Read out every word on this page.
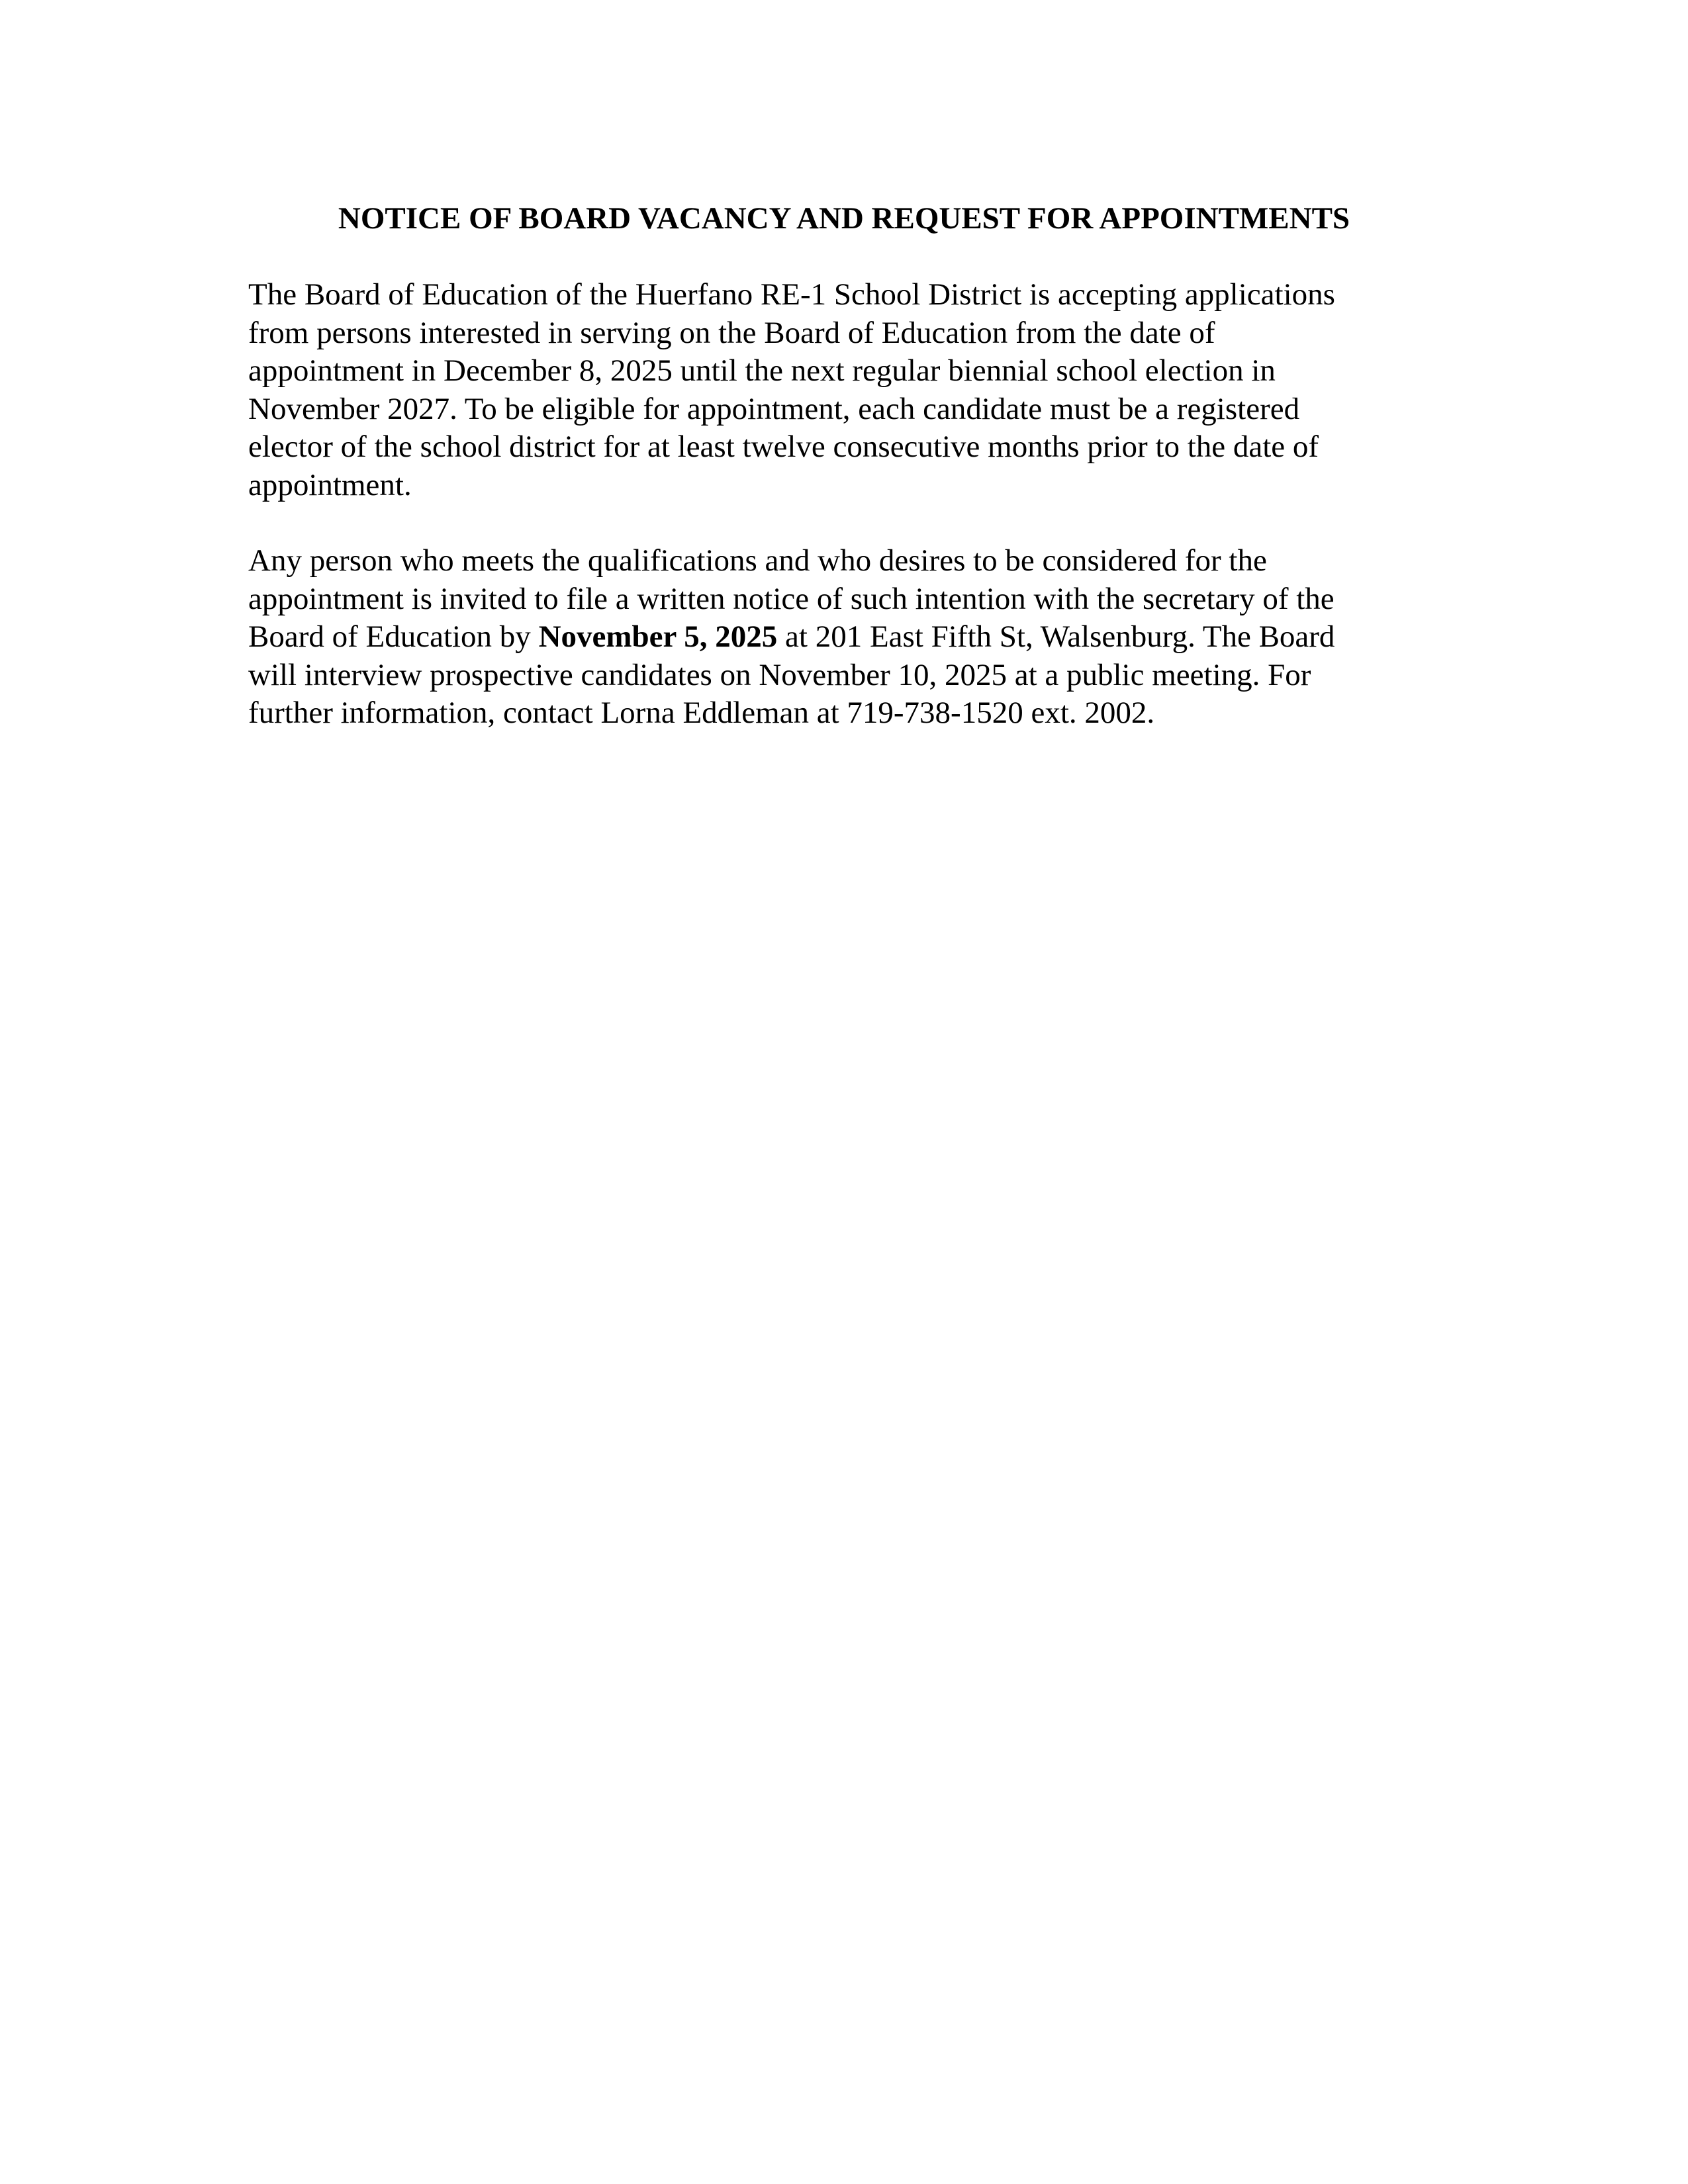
NOTICE OF BOARD VACANCY AND REQUEST FOR APPOINTMENTS

The Board of Education of the Huerfano RE-1 School District is accepting applications
from persons interested in serving on the Board of Education from the date of
appointment in December 8, 2025 until the next regular biennial school election in
November 2027. To be eligible for appointment, each candidate must be a registered
elector of the school district for at least twelve consecutive months prior to the date of
appointment.

Any person who meets the qualifications and who desires to be considered for the
appointment is invited to file a written notice of such intention with the secretary of the
Board of Education by November 5, 2025 at 201 East Fifth St, Walsenburg. The Board
will interview prospective candidates on November 10, 2025 at a public meeting. For
further information, contact Lorna Eddleman at 719-738-1520 ext. 2002.
